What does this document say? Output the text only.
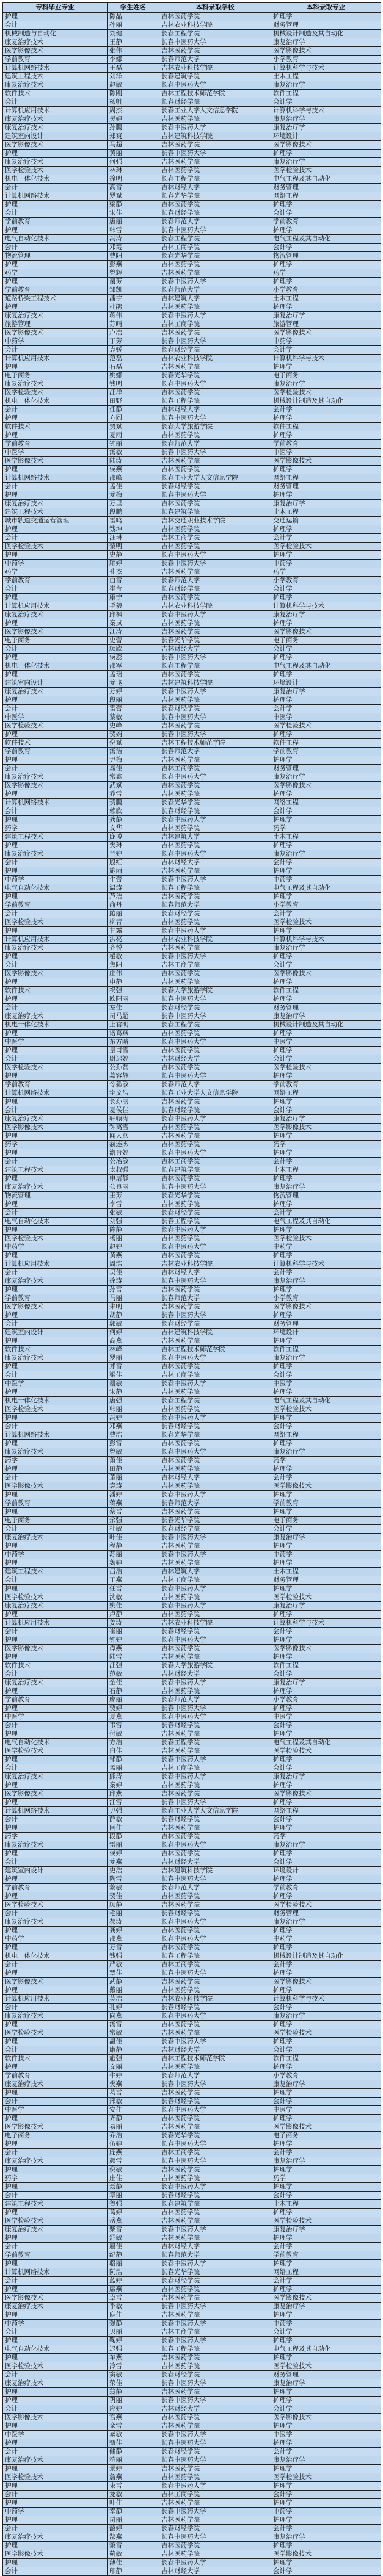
专科毕业专业	学生姓名	本科录取学校	本科录取专业
护理	陈晶	吉林医药学院	护理学
会计	孙丽	吉林农业科技学院	财务管理
机械制造与自动化	刘健	长春工程学院	机械设计制造及其自动化
康复治疗技术	王静	长春中医药大学	康复治疗学
医学影像技术	张伟	吉林医药学院	医学影像技术
学前教育	李娜	长春师范大学	小学教育
计算机网络技术	王磊	吉林农业科技学院	计算机科学与技术
建筑工程技术	刘洋	长春建筑学院	土木工程
康复治疗技术	赵敏	长春中医药大学	康复治疗学
软件技术	陈刚	吉林工程技术师范学院	软件工程
会计	杨帆	长春财经学院	会计学
计算机应用技术	周杰	长春工业大学人文信息学院	计算机科学与技术
康复治疗技术	吴婷	吉林医药学院	康复治疗学
康复治疗技术	孙鹏	长春中医药大学	康复治疗学
建筑室内设计	郑爽	吉林建筑科技学院	环境设计
医学影像技术	马超	吉林医药学院	医学影像技术
护理	黄丽	长春中医药大学	护理学
康复治疗技术	何强	吉林医药学院	康复治疗学
医学检验技术	林琳	吉林医药学院	医学检验技术
机电一体化技术	徐明	长春工程学院	电气工程及其自动化
会计	高雪	吉林财经大学	财务管理
计算机网络技术	罗斌	长春光华学院	网络工程
护理	梁静	吉林医药学院	护理学
会计	宋佳	长春财经学院	会计学
学前教育	唐丽	长春师范大学	学前教育
护理	韩雪	长春中医药大学	护理学
电气自动化技术	冯涛	长春工程学院	电气工程及其自动化
会计	邓霞	吉林工商学院	会计学
物流管理	曹阳	长春光华学院	物流管理
护理	彭燕	吉林医药学院	护理学
药学	曾辉	吉林医药学院	药学
护理	谢芳	长春中医药大学	护理学
学前教育	邹凯	长春师范大学	小学教育
道路桥梁工程技术	潘宇	吉林建筑大学	土木工程
护理	杜鹃	吉林医药学院	护理学
康复治疗技术	蒋伟	长春中医药大学	康复治疗学
旅游管理	苏晴	吉林工商学院	旅游管理
医学影像技术	卢浩	吉林医药学院	医学影像技术
中药学	丁芳	长春中医药大学	中药学
会计	袁媛	长春财经学院	会计学
计算机应用技术	范磊	吉林农业科技学院	计算机科学与技术
护理	石磊	吉林医药学院	护理学
电子商务	姚娜	长春光华学院	电子商务
康复治疗技术	钱明	长春中医药大学	康复治疗学
医学检验技术	汪洋	吉林医药学院	医学检验技术
机电一体化技术	田野	长春工程学院	机械设计制造及其自动化
会计	任静	吉林财经大学	会计学
护理	方圆	长春中医药大学	护理学
软件技术	贾斌	长春大学旅游学院	软件工程
护理	夏雨	吉林医药学院	护理学
学前教育	钟丽	长春师范大学	学前教育
中医学	汤敏	长春中医药大学	中医学
医学影像技术	陆涛	吉林医药学院	医学影像技术
护理	侯燕	吉林医药学院	护理学
计算机网络技术	邵峰	长春工业大学人文信息学院	网络工程
会计	孟佳	长春财经学院	财务管理
护理	龙梅	长春中医药大学	护理学
康复治疗技术	万里	吉林医药学院	康复治疗学
建筑工程技术	段鹏	长春建筑学院	土木工程
城市轨道交通运营管理	雷鸣	吉林交通职业技术学院	交通运输
护理	钱坤	吉林医药学院	护理学
会计	汪琳	吉林工商学院	会计学
医学检验技术	黎明	吉林医药学院	医学检验技术
护理	史静	长春中医药大学	护理学
中药学	顾婷	长春中医药大学	中药学
药学	孔杰	吉林医药学院	药学
学前教育	白雪	长春师范大学	小学教育
会计	崔莹	长春财经学院	会计学
护理	康宁	吉林医药学院	护理学
计算机应用技术	毛毅	吉林农业科技学院	计算机科学与技术
康复治疗技术	邱枫	长春中医药大学	康复治疗学
护理	秦岚	吉林医药学院	护理学
医学影像技术	江涛	吉林医药学院	医学影像技术
电子商务	史蕾	长春光华学院	电子商务
会计	顾欣	吉林财经大学	会计学
护理	侯蕊	长春中医药大学	护理学
机电一体化技术	邵军	长春工程学院	电气工程及其自动化
护理	孟瑶	吉林医药学院	护理学
建筑室内设计	龙飞	吉林建筑科技学院	环境设计
康复治疗技术	万婷	长春中医药大学	康复治疗学
护理	段丽	吉林医药学院	护理学
会计	雷蕾	长春财经学院	会计学
中医学	黎敏	长春中医药大学	中医学
医学检验技术	史峰	吉林医药学院	医学检验技术
护理	贺娟	长春中医药大学	护理学
软件技术	倪斌	吉林工程技术师范学院	软件工程
学前教育	汤洁	长春师范大学	学前教育
护理	尹梅	吉林医药学院	护理学
会计	易佳	吉林工商学院	财务管理
康复治疗技术	常鑫	长春中医药大学	康复治疗学
医学影像技术	武斌	吉林医药学院	医学影像技术
护理	乔雪	吉林医药学院	护理学
计算机网络技术	贺鹏	长春光华学院	网络工程
会计	赖欣	长春财经学院	会计学
护理	龚静	长春中医药大学	护理学
药学	文华	吉林医药学院	药学
建筑工程技术	庞博	吉林建筑大学	土木工程
护理	樊琳	吉林医药学院	护理学
康复治疗技术	兰婷	长春中医药大学	康复治疗学
会计	殷红	吉林财经大学	会计学
护理	施雨	吉林医药学院	护理学
中药学	牛蕾	长春中医药大学	中药学
电气自动化技术	温涛	长春工程学院	电气工程及其自动化
护理	芦洁	吉林医药学院	护理学
学前教育	俞丹	长春师范大学	小学教育
会计	鲍丽	长春财经学院	会计学
医学检验技术	柳青	吉林医药学院	医学检验技术
护理	甘露	长春中医药大学	护理学
计算机应用技术	洪亮	吉林农业科技学院	计算机科学与技术
康复治疗技术	齐悦	吉林医药学院	康复治疗学
护理	翟敏	长春中医药大学	护理学
会计	焦阳	吉林工商学院	会计学
医学影像技术	庄伟	吉林医药学院	医学影像技术
护理	申静	吉林医药学院	护理学
软件技术	祝强	长春大学旅游学院	软件工程
护理	欧阳丽	长春中医药大学	护理学
会计	左佳	长春财经学院	财务管理
康复治疗技术	司马超	长春中医药大学	康复治疗学
机电一体化技术	上官明	长春工程学院	机械设计制造及其自动化
护理	诸葛燕	吉林医药学院	护理学
中医学	东方晴	长春中医药大学	中医学
护理	皇甫雪	吉林医药学院	护理学
会计	尉迟婷	吉林财经大学	会计学
医学检验技术	公孙磊	吉林医药学院	医学检验技术
护理	慕容静	长春中医药大学	护理学
学前教育	令狐敏	长春师范大学	学前教育
计算机网络技术	宇文浩	长春工业大学人文信息学院	网络工程
护理	长孙丽	吉林医药学院	护理学
会计	夏侯佳	长春财经学院	会计学
康复治疗技术	轩辕涛	长春中医药大学	康复治疗学
医学影像技术	钟离雪	吉林医药学院	医学影像技术
护理	闻人燕	吉林医药学院	护理学
药学	赫连杰	吉林医药学院	药学
护理	澹台婷	长春中医药大学	护理学
会计	公冶敏	吉林工商学院	会计学
建筑工程技术	太叔强	长春建筑学院	土木工程
护理	申屠静	吉林医药学院	护理学
康复治疗技术	公良丽	长春中医药大学	康复治疗学
物流管理	王芳	长春光华学院	物流管理
护理	李雪	吉林医药学院	护理学
会计	张敏	长春财经学院	会计学
电气自动化技术	刘强	长春工程学院	电气工程及其自动化
护理	陈静	长春中医药大学	护理学
医学检验技术	杨丽	吉林医药学院	医学检验技术
中药学	赵婷	长春中医药大学	中药学
护理	黄燕	吉林医药学院	护理学
计算机应用技术	周浩	吉林农业科技学院	计算机科学与技术
会计	吴佳	吉林财经大学	会计学
康复治疗技术	徐涛	长春中医药大学	康复治疗学
护理	孙雪	吉林医药学院	护理学
学前教育	马丽	长春师范大学	小学教育
医学影像技术	朱明	吉林医药学院	医学影像技术
护理	胡静	长春中医药大学	护理学
会计	郭敏	长春财经学院	财务管理
建筑室内设计	何婷	吉林建筑科技学院	环境设计
护理	高燕	吉林医药学院	护理学
软件技术	林峰	吉林工程技术师范学院	软件工程
康复治疗技术	罗丽	长春中医药大学	康复治疗学
护理	郑雪	吉林医药学院	护理学
会计	梁佳	吉林工商学院	会计学
中医学	谢敏	长春中医药大学	中医学
护理	宋静	吉林医药学院	护理学
机电一体化技术	唐强	长春工程学院	电气工程及其自动化
医学检验技术	韩丽	吉林医药学院	医学检验技术
护理	冯婷	长春中医药大学	护理学
会计	邓燕	长春财经学院	会计学
计算机网络技术	曹浩	长春光华学院	网络工程
护理	彭雪	吉林医药学院	护理学
康复治疗技术	曾敏	长春中医药大学	康复治疗学
药学	萧佳	吉林医药学院	药学
护理	田静	吉林医药学院	护理学
会计	董丽	吉林财经大学	会计学
医学影像技术	袁涛	吉林医药学院	医学影像技术
护理	潘婷	长春中医药大学	护理学
学前教育	蒋燕	长春师范大学	学前教育
护理	蔡雪	吉林医药学院	护理学
电子商务	余强	长春光华学院	电子商务
会计	杜敏	长春财经学院	会计学
康复治疗技术	叶佳	长春中医药大学	康复治疗学
护理	程静	吉林医药学院	护理学
中药学	苏丽	长春中医药大学	中药学
护理	魏婷	吉林医药学院	护理学
建筑工程技术	吕浩	吉林建筑大学	土木工程
会计	丁燕	吉林工商学院	财务管理
护理	任雪	长春中医药大学	护理学
医学检验技术	沈敏	吉林医药学院	医学检验技术
康复治疗技术	姚佳	长春中医药大学	康复治疗学
护理	卢静	吉林医药学院	护理学
计算机应用技术	姜涛	吉林农业科技学院	计算机科学与技术
会计	崔丽	长春财经学院	会计学
护理	钟婷	长春中医药大学	护理学
医学影像技术	谭燕	吉林医药学院	医学影像技术
护理	陆雪	吉林医药学院	护理学
软件技术	汪强	长春大学旅游学院	软件工程
会计	范敏	吉林财经大学	会计学
康复治疗技术	金佳	长春中医药大学	康复治疗学
护理	石静	吉林医药学院	护理学
学前教育	廖丽	长春师范大学	小学教育
护理	贾婷	长春中医药大学	护理学
中医学	夏燕	长春中医药大学	中医学
会计	韦雪	长春财经学院	会计学
护理	付敏	吉林医药学院	护理学
电气自动化技术	方浩	长春工程学院	电气工程及其自动化
医学检验技术	白佳	吉林医药学院	医学检验技术
护理	邹静	长春中医药大学	护理学
会计	孟丽	吉林工商学院	会计学
康复治疗技术	熊涛	长春中医药大学	康复治疗学
护理	秦婷	吉林医药学院	护理学
医学影像技术	邱燕	吉林医药学院	医学影像技术
护理	江雪	长春中医药大学	护理学
计算机网络技术	尹强	长春工业大学人文信息学院	网络工程
会计	薛敏	长春财经学院	会计学
护理	闫佳	吉林医药学院	护理学
药学	段静	吉林医药学院	药学
康复治疗技术	雷丽	长春中医药大学	康复治疗学
护理	侯婷	吉林医药学院	护理学
会计	龙燕	吉林财经大学	会计学
建筑室内设计	史浩	吉林建筑科技学院	环境设计
护理	陶雪	长春中医药大学	护理学
学前教育	黎敏	长春师范大学	学前教育
护理	贺佳	吉林医药学院	护理学
医学检验技术	顾静	吉林医药学院	医学检验技术
会计	毛丽	长春财经学院	财务管理
康复治疗技术	郝涛	长春中医药大学	康复治疗学
护理	龚婷	吉林医药学院	护理学
中药学	邵燕	长春中医药大学	中药学
护理	万雪	吉林医药学院	护理学
机电一体化技术	钱强	长春工程学院	机械设计制造及其自动化
会计	严敏	吉林工商学院	会计学
护理	覃佳	长春中医药大学	护理学
医学影像技术	武静	吉林医药学院	医学影像技术
护理	戴丽	吉林医药学院	护理学
计算机应用技术	莫浩	吉林农业科技学院	计算机科学与技术
会计	孔婷	长春财经学院	会计学
康复治疗技术	向燕	长春中医药大学	康复治疗学
护理	汤雪	吉林医药学院	护理学
医学检验技术	常敏	吉林医药学院	医学检验技术
护理	温佳	长春中医药大学	护理学
会计	康静	吉林财经大学	会计学
软件技术	施强	吉林工程技术师范学院	软件工程
护理	文丽	吉林医药学院	护理学
学前教育	牛婷	长春师范大学	小学教育
康复治疗技术	樊燕	长春中医药大学	康复治疗学
护理	葛雪	吉林医药学院	护理学
会计	邢敏	长春财经学院	会计学
中医学	安佳	长春中医药大学	中医学
护理	齐静	吉林医药学院	护理学
医学影像技术	易丽	吉林医药学院	医学影像技术
电子商务	乔浩	长春光华学院	电子商务
护理	伍婷	长春中医药大学	护理学
会计	庞燕	吉林工商学院	会计学
康复治疗技术	颜雪	长春中医药大学	康复治疗学
护理	倪敏	吉林医药学院	护理学
药学	庄佳	吉林医药学院	药学
护理	聂静	长春中医药大学	护理学
会计	章丽	长春财经学院	会计学
建筑工程技术	鲁强	长春建筑学院	土木工程
护理	葛婷	吉林医药学院	护理学
医学检验技术	岳燕	吉林医药学院	医学检验技术
康复治疗技术	柴雪	长春中医药大学	康复治疗学
护理	舒敏	吉林医药学院	护理学
会计	屈佳	吉林财经大学	会计学
学前教育	纪静	长春师范大学	学前教育
护理	骆丽	长春中医药大学	护理学
计算机网络技术	阮浩	长春光华学院	网络工程
会计	蓝婷	长春财经学院	会计学
护理	席燕	吉林医药学院	护理学
医学影像技术	卓雪	吉林医药学院	医学影像技术
康复治疗技术	季敏	长春中医药大学	康复治疗学
护理	麻佳	吉林医药学院	护理学
中药学	强静	长春中医药大学	中药学
会计	贝丽	吉林工商学院	会计学
护理	鞠婷	长春中医药大学	护理学
电气自动化技术	迟强	长春工程学院	电气工程及其自动化
护理	车燕	吉林医药学院	护理学
医学检验技术	冷雪	吉林医药学院	医学检验技术
会计	窦敏	长春财经学院	财务管理
康复治疗技术	荣佳	长春中医药大学	康复治疗学
护理	翁静	吉林医药学院	护理学
护理	巩丽	长春中医药大学	护理学
会计	应婷	吉林财经大学	会计学
医学影像技术	宫燕	吉林医药学院	医学影像技术
护理	栾雪	吉林医药学院	护理学
中医学	暴敏	长春中医药大学	中医学
护理	甄佳	长春中医药大学	护理学
会计	储静	长春财经学院	会计学
康复治疗技术	符丽	长春中医药大学	康复治疗学
护理	景婷	吉林医药学院	护理学
医学检验技术	詹燕	吉林医药学院	医学检验技术
护理	束雪	长春中医药大学	护理学
会计	龙敏	吉林工商学院	会计学
护理	叶佳	吉林医药学院	护理学
中药学	幸静	长春中医药大学	中药学
护理	司丽	吉林医药学院	护理学
会计	韶婷	长春财经学院	会计学
康复治疗技术	郜燕	长春中医药大学	康复治疗学
护理	黎雪	吉林医药学院	护理学
医学影像技术	蓟敏	吉林医药学院	医学影像技术
护理	薄佳	长春中医药大学	护理学
会计	印静	吉林财经大学	会计学
